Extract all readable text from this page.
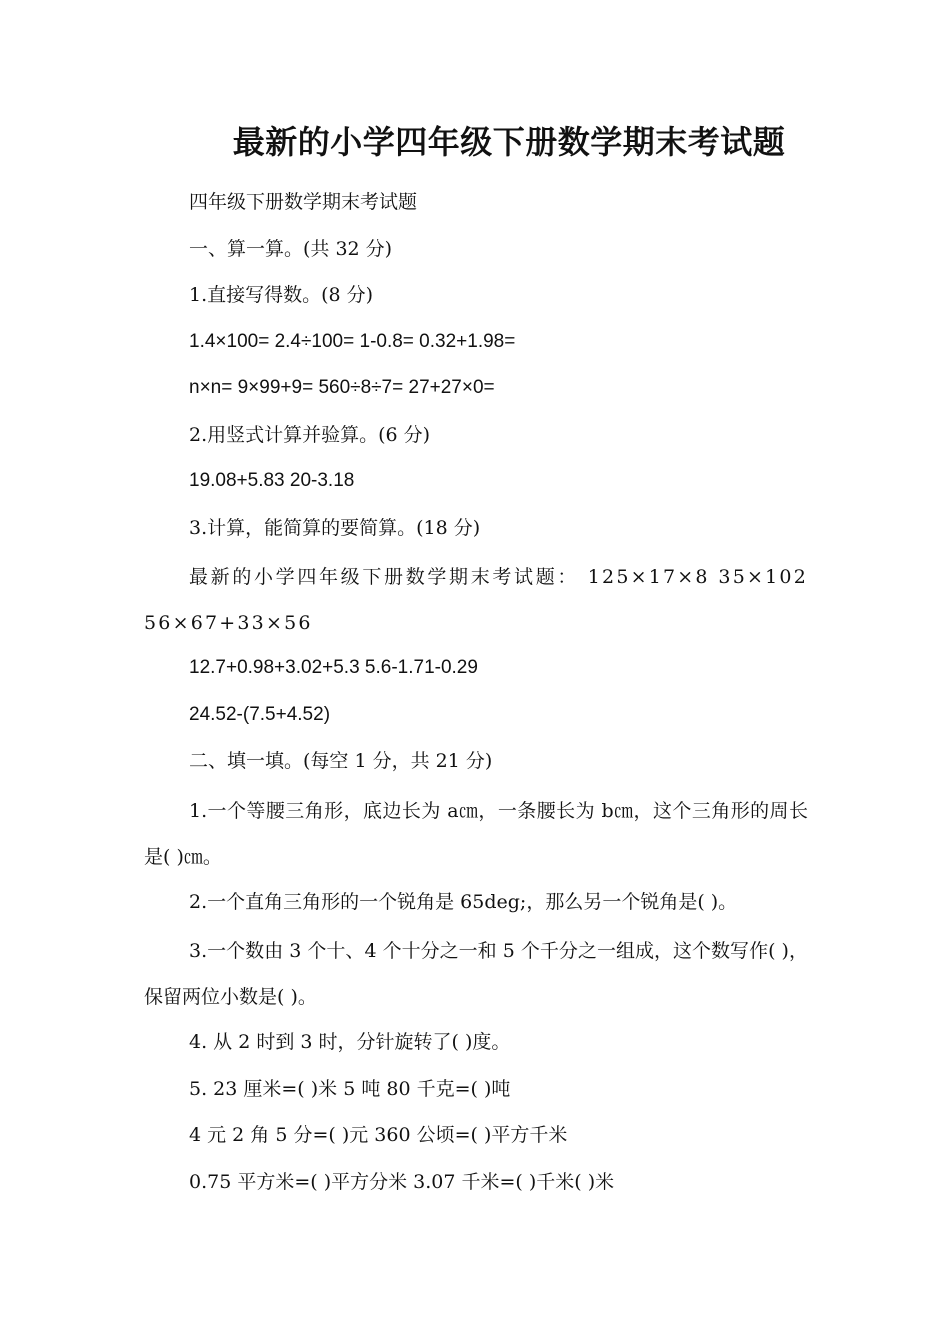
最新的小学四年级下册数学期末考试题
四年级下册数学期末考试题
一、算一算。(共 32 分)
1.直接写得数。(8 分)
1.4×100= 2.4÷100= 1-0.8= 0.32+1.98=
n×n= 9×99+9= 560÷8÷7= 27+27×0=
2.用竖式计算并验算。(6 分)
19.08+5.83 20-3.18
3.计算，能简算的要简算。(18 分)
最新的小学四年级下册数学期末考试题： 125×17×8 35×102 56×67+33×56
12.7+0.98+3.02+5.3 5.6-1.71-0.29
24.52-(7.5+4.52)
二、填一填。(每空 1 分，共 21 分)
1.一个等腰三角形，底边长为 a㎝，一条腰长为 b㎝，这个三角形的周长是( )㎝。
2.一个直角三角形的一个锐角是 65deg;，那么另一个锐角是( )。
3.一个数由 3 个十、4 个十分之一和 5 个千分之一组成，这个数写作( )，保留两位小数是( )。
4. 从 2 时到 3 时，分针旋转了( )度。
5. 23 厘米=( )米 5 吨 80 千克=( )吨
4 元 2 角 5 分=( )元 360 公顷=( )平方千米
0.75 平方米=( )平方分米 3.07 千米=( )千米( )米
